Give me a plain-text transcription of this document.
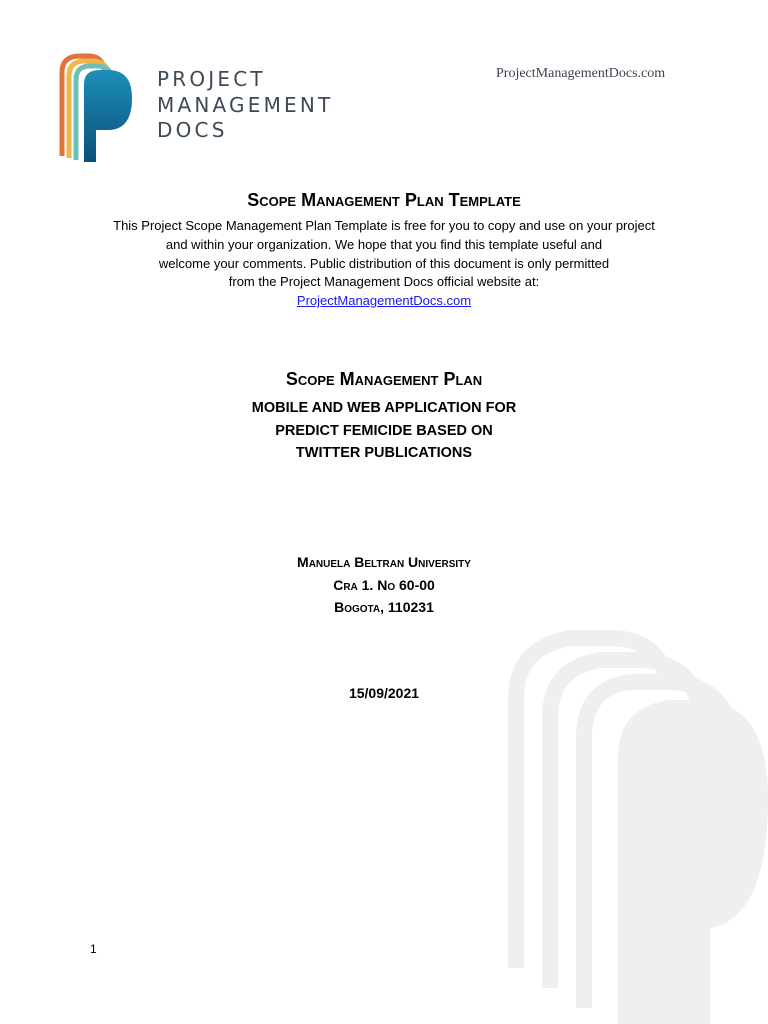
PROJECT
MANAGEMENT
DOCS
ProjectManagementDocs.com
Scope Management Plan Template
This Project Scope Management Plan Template is free for you to copy and use on your project
and within your organization. We hope that you find this template useful and
welcome your comments. Public distribution of this document is only permitted
from the Project Management Docs official website at:
ProjectManagementDocs.com
Scope Management Plan
MOBILE AND WEB APPLICATION FOR
PREDICT FEMICIDE BASED ON
TWITTER PUBLICATIONS
Manuela Beltran University
Cra 1. No 60-00
Bogota, 110231
15/09/2021
1
